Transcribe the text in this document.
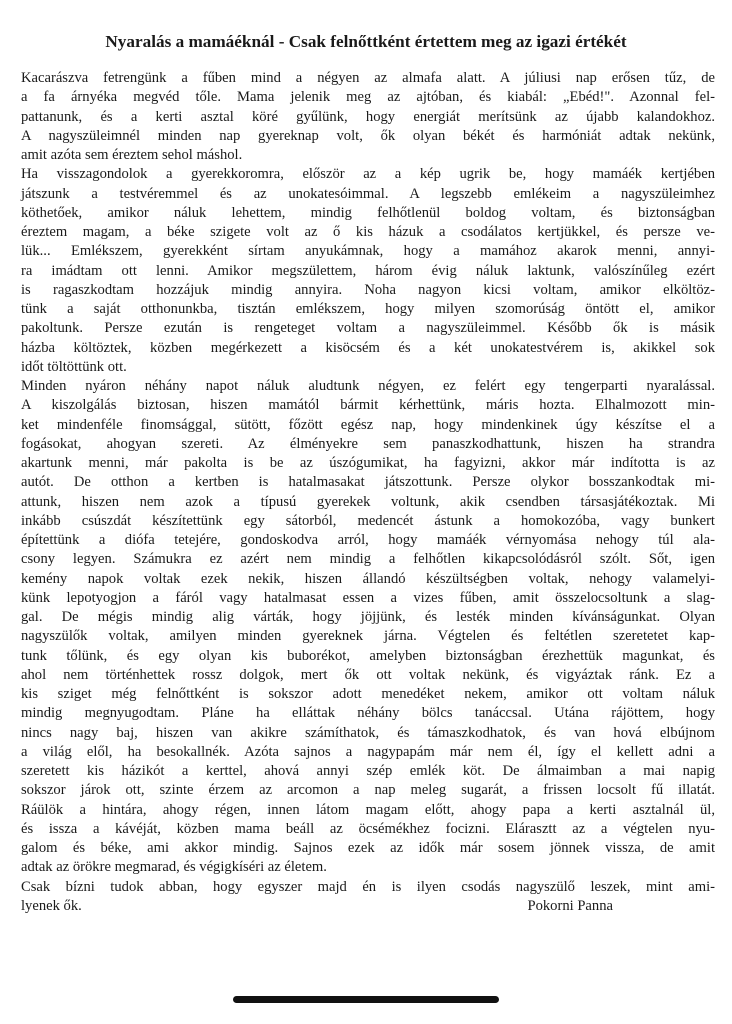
Nyaralás a mamáéknál - Csak felnőttként értettem meg az igazi értékét
Kacarászva fetrengünk a fűben mind a négyen az almafa alatt. A júliusi nap erősen tűz, de
a fa árnyéka megvéd tőle. Mama jelenik meg az ajtóban, és kiabál: „Ebéd!". Azonnal fel-
pattanunk, és a kerti asztal köré gyűlünk, hogy energiát merítsünk az újabb kalandokhoz.
A nagyszüleimnél minden nap gyereknap volt, ők olyan békét és harmóniát adtak nekünk,
amit azóta sem éreztem sehol máshol.
Ha visszagondolok a gyerekkoromra, először az a kép ugrik be, hogy mamáék kertjében
játszunk a testvéremmel és az unokatesóimmal. A legszebb emlékeim a nagyszüleimhez
köthetőek, amikor náluk lehettem, mindig felhőtlenül boldog voltam, és biztonságban
éreztem magam, a béke szigete volt az ő kis házuk a csodálatos kertjükkel, és persze ve-
lük... Emlékszem, gyerekként sírtam anyukámnak, hogy a mamához akarok menni, annyi-
ra imádtam ott lenni. Amikor megszülettem, három évig náluk laktunk, valószínűleg ezért
is ragaszkodtam hozzájuk mindig annyira. Noha nagyon kicsi voltam, amikor elköltöz-
tünk a saját otthonunkba, tisztán emlékszem, hogy milyen szomorúság öntött el, amikor
pakoltunk. Persze ezután is rengeteget voltam a nagyszüleimmel. Később ők is másik
házba költöztek, közben megérkezett a kisöcsém és a két unokatestvérem is, akikkel sok
időt töltöttünk ott.
Minden nyáron néhány napot náluk aludtunk négyen, ez felért egy tengerparti nyaralással.
A kiszolgálás biztosan, hiszen mamától bármit kérhettünk, máris hozta. Elhalmozott min-
ket mindenféle finomsággal, sütött, főzött egész nap, hogy mindenkinek úgy készítse el a
fogásokat, ahogyan szereti. Az élményekre sem panaszkodhattunk, hiszen ha strandra
akartunk menni, már pakolta is be az úszógumikat, ha fagyizni, akkor már indította is az
autót. De otthon a kertben is hatalmasakat játszottunk. Persze olykor bosszankodtak mi-
attunk, hiszen nem azok a típusú gyerekek voltunk, akik csendben társasjátékoztak. Mi
inkább csúszdát készítettünk egy sátorból, medencét ástunk a homokozóba, vagy bunkert
építettünk a diófa tetejére, gondoskodva arról, hogy mamáék vérnyomása nehogy túl ala-
csony legyen. Számukra ez azért nem mindig a felhőtlen kikapcsolódásról szólt. Sőt, igen
kemény napok voltak ezek nekik, hiszen állandó készültségben voltak, nehogy valamelyi-
künk lepotyogjon a fáról vagy hatalmasat essen a vizes fűben, amit összelocsoltunk a slag-
gal. De mégis mindig alig várták, hogy jöjjünk, és lesték minden kívánságunkat. Olyan
nagyszülők voltak, amilyen minden gyereknek járna. Végtelen és feltétlen szeretetet kap-
tunk tőlünk, és egy olyan kis buborékot, amelyben biztonságban érezhettük magunkat, és
ahol nem történhettek rossz dolgok, mert ők ott voltak nekünk, és vigyáztak ránk. Ez a
kis sziget még felnőttként is sokszor adott menedéket nekem, amikor ott voltam náluk
mindig megnyugodtam. Pláne ha elláttak néhány bölcs tanáccsal. Utána rájöttem, hogy
nincs nagy baj, hiszen van akikre számíthatok, és támaszkodhatok, és van hová elbújnom
a világ elől, ha besokallnék. Azóta sajnos a nagypapám már nem él, így el kellett adni a
szeretett kis házikót a kerttel, ahová annyi szép emlék köt. De álmaimban a mai napig
sokszor járok ott, szinte érzem az arcomon a nap meleg sugarát, a frissen locsolt fű illatát.
Ráülök a hintára, ahogy régen, innen látom magam előtt, ahogy papa a kerti asztalnál ül,
és issza a kávéját, közben mama beáll az öcsémékhez focizni. Elárasztt az a végtelen nyu-
galom és béke, ami akkor mindig. Sajnos ezek az idők már sosem jönnek vissza, de amit
adtak az örökre megmarad, és végigkíséri az életem.
Csak bízni tudok abban, hogy egyszer majd én is ilyen csodás nagyszülő leszek, mint ami-
lyenek ők.	Pokorni Panna
